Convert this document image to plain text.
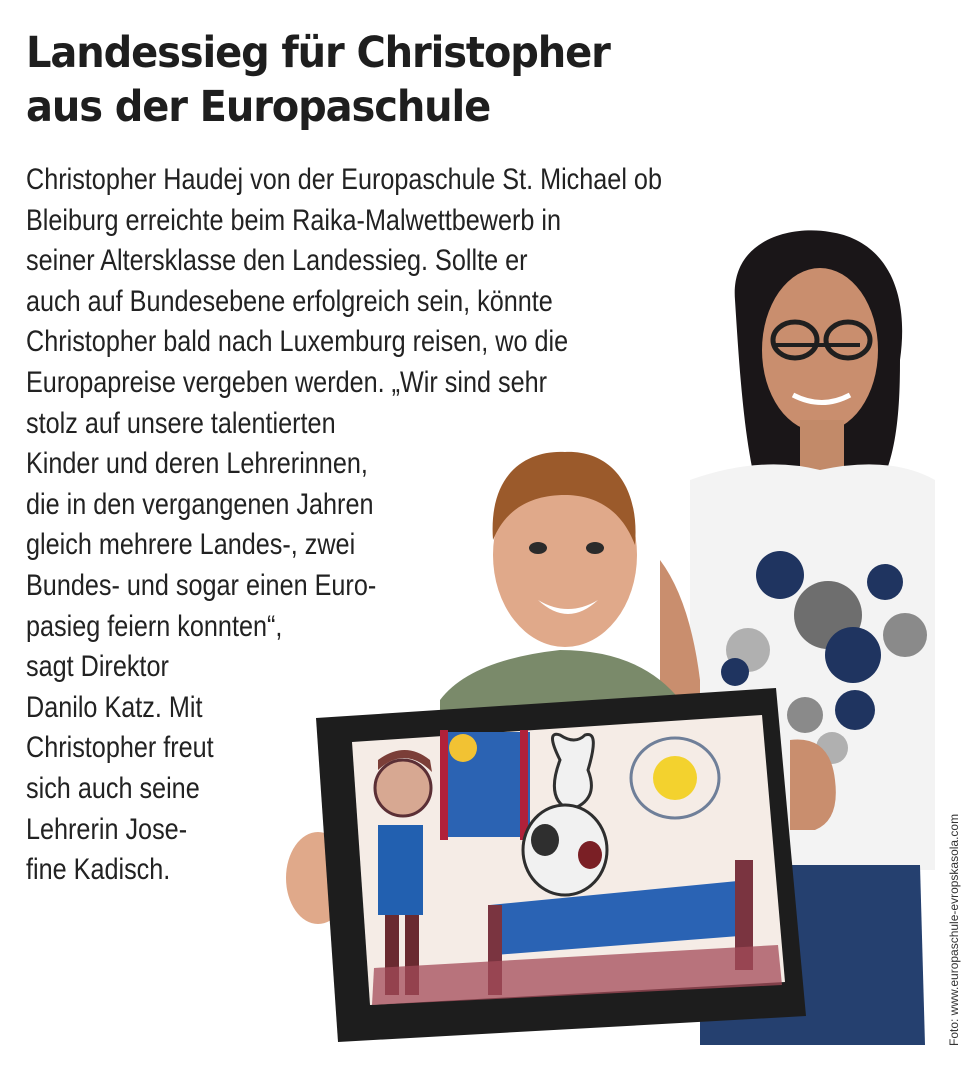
Landessieg für Christopher
aus der Europaschule
Christopher Haudej von der Europaschule St. Michael ob
Bleiburg erreichte beim Raika-Malwettbewerb in
seiner Altersklasse den Landessieg. Sollte er
auch auf Bundesebene erfolgreich sein, könnte
Christopher bald nach Luxemburg reisen, wo die
Europapreise vergeben werden. „Wir sind sehr
stolz auf unsere talentierten
Kinder und deren Lehrerinnen,
die in den vergangenen Jahren
gleich mehrere Landes-, zwei
Bundes- und sogar einen Euro-
pasieg feiern konnten“,
sagt Direktor
Danilo Katz. Mit
Christopher freut
sich auch seine
Lehrerin Jose-
fine Kadisch.	Foto: www.europaschule-evropskasola.com
